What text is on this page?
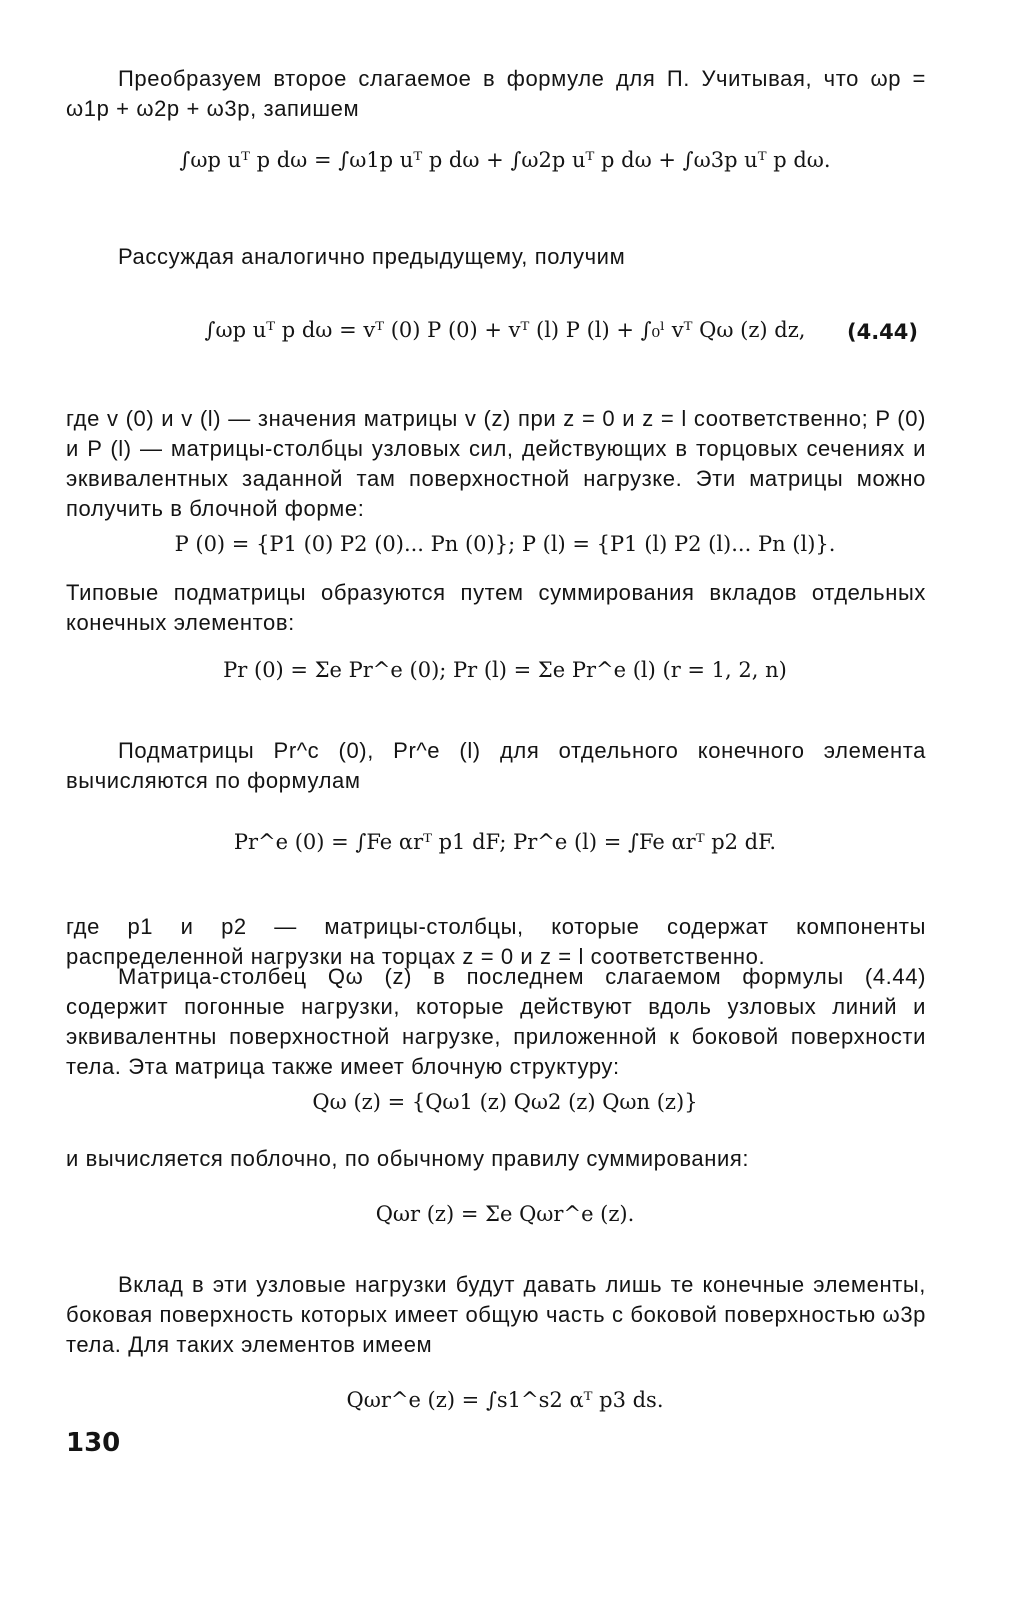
Преобразуем второе слагаемое в формуле для П. Учитывая, что ωp = ω1p + ω2p + ω3p, запишем

∫ωp uᵀ p dω = ∫ω1p uᵀ p dω + ∫ω2p uᵀ p dω + ∫ω3p uᵀ p dω.

Рассуждая аналогично предыдущему, получим

∫ωp uᵀ p dω = vᵀ (0) P (0) + vᵀ (l) P (l) + ∫₀ˡ vᵀ Qω (z) dz,	(4.44)

где v (0) и v (l) — значения матрицы v (z) при z = 0 и z = l соответственно; P (0) и P (l) — матрицы-столбцы узловых сил, действующих в торцовых сечениях и эквивалентных заданной там поверхностной нагрузке. Эти матрицы можно получить в блочной форме:

P (0) = {P1 (0) P2 (0)... Pn (0)}; P (l) = {P1 (l) P2 (l)... Pn (l)}.

Типовые подматрицы образуются путем суммирования вкладов отдельных конечных элементов:

Pr (0) = Σe Pr^e (0); Pr (l) = Σe Pr^e (l) (r = 1, 2, n)

Подматрицы Pr^c (0), Pr^e (l) для отдельного конечного элемента вычисляются по формулам

Pr^e (0) = ∫Fe αrᵀ p1 dF; Pr^e (l) = ∫Fe αrᵀ p2 dF.

где p1 и p2 — матрицы-столбцы, которые содержат компоненты распределенной нагрузки на торцах z = 0 и z = l соответственно.

Матрица-столбец Qω (z) в последнем слагаемом формулы (4.44) содержит погонные нагрузки, которые действуют вдоль узловых линий и эквивалентны поверхностной нагрузке, приложенной к боковой поверхности тела. Эта матрица также имеет блочную структуру:

Qω (z) = {Qω1 (z) Qω2 (z) Qωn (z)}

и вычисляется поблочно, по обычному правилу суммирования:

Qωr (z) = Σe Qωr^e (z).

Вклад в эти узловые нагрузки будут давать лишь те конечные элементы, боковая поверхность которых имеет общую часть с боковой поверхностью ω3p тела. Для таких элементов имеем

Qωr^e (z) = ∫s1^s2 αᵀ p3 ds.
130
